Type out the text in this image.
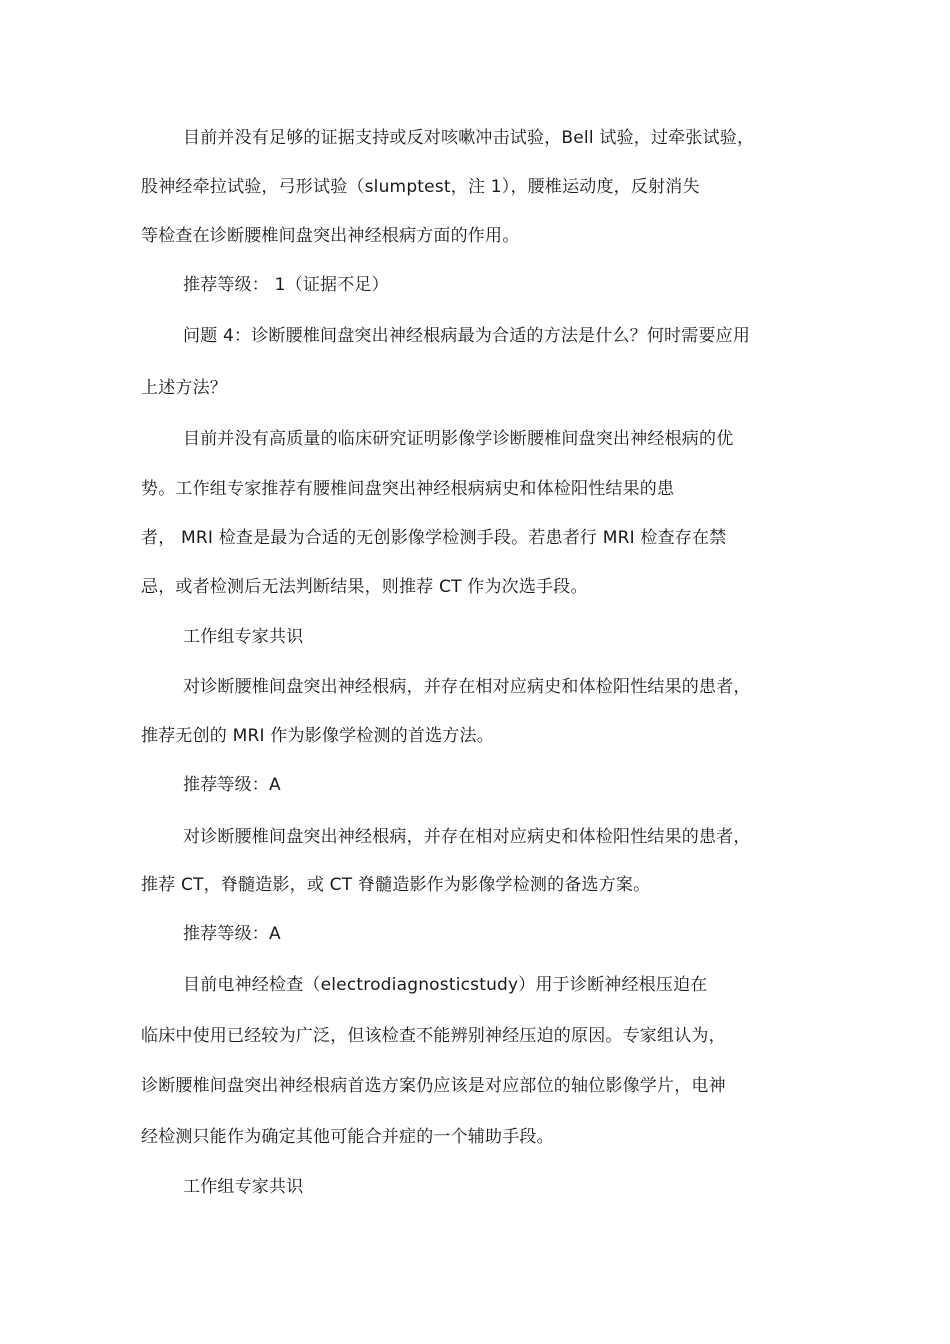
目前并没有足够的证据支持或反对咳嗽冲击试验，Bell 试验，过牵张试验，
股神经牵拉试验，弓形试验（slumptest，注 1），腰椎运动度，反射消失
等检查在诊断腰椎间盘突出神经根病方面的作用。
推荐等级： 1（证据不足）
问题 4：诊断腰椎间盘突出神经根病最为合适的方法是什么？何时需要应用
上述方法？
目前并没有高质量的临床研究证明影像学诊断腰椎间盘突出神经根病的优
势。工作组专家推荐有腰椎间盘突出神经根病病史和体检阳性结果的患
者， MRI 检查是最为合适的无创影像学检测手段。若患者行 MRI 检查存在禁
忌，或者检测后无法判断结果，则推荐 CT 作为次选手段。
工作组专家共识
对诊断腰椎间盘突出神经根病，并存在相对应病史和体检阳性结果的患者，
推荐无创的 MRI 作为影像学检测的首选方法。
推荐等级：A
对诊断腰椎间盘突出神经根病，并存在相对应病史和体检阳性结果的患者，
推荐 CT，脊髓造影，或 CT 脊髓造影作为影像学检测的备选方案。
推荐等级：A
目前电神经检查（electrodiagnosticstudy）用于诊断神经根压迫在
临床中使用已经较为广泛，但该检查不能辨别神经压迫的原因。专家组认为，
诊断腰椎间盘突出神经根病首选方案仍应该是对应部位的轴位影像学片，电神
经检测只能作为确定其他可能合并症的一个辅助手段。
工作组专家共识
